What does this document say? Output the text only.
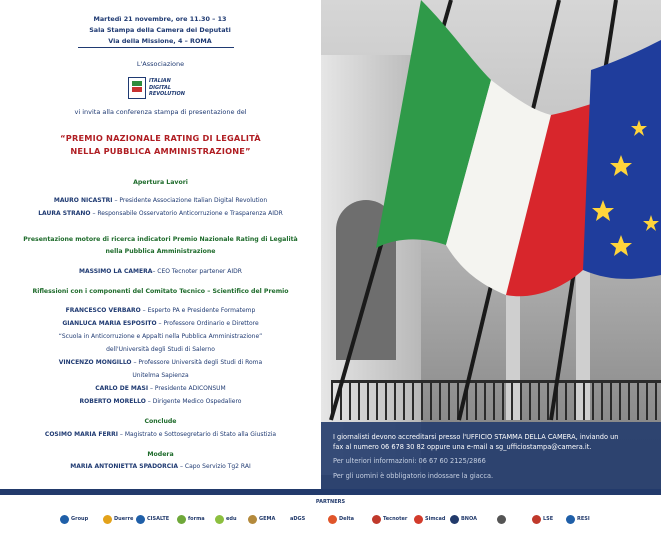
Martedì 21 novembre, ore 11.30 – 13
Sala Stampa della Camera dei Deputati
Via della Missione, 4 – ROMA
L'Associazione
ITALIAN
DIGITAL
REVOLUTION
vi invita alla conferenza stampa di presentazione del
“PREMIO NAZIONALE RATING DI LEGALITÀ
NELLA PUBBLICA AMMINISTRAZIONE”
Apertura Lavori
MAURO NICASTRI – Presidente Associazione Italian Digital Revolution
LAURA STRANO – Responsabile Osservatorio Anticorruzione e Trasparenza AIDR
Presentazione motore di ricerca indicatori Premio Nazionale Rating di Legalità
nella Pubblica Amministrazione
MASSIMO LA CAMERA– CEO Tecnoter partener AIDR
Riflessioni con i componenti del Comitato Tecnico – Scientifico del Premio
FRANCESCO VERBARO – Esperto PA e Presidente Formatemp
GIANLUCA MARIA ESPOSITO – Professore Ordinario e Direttore
“Scuola in Anticorruzione e Appalti nella Pubblica Amministrazione”
dell'Università degli Studi di Salerno
VINCENZO MONGILLO – Professore Università degli Studi di Roma
Unitelma Sapienza
CARLO DE MASI – Presidente ADICONSUM
ROBERTO MORELLO – Dirigente Medico Ospedaliero
Conclude
COSIMO MARIA FERRI – Magistrato e Sottosegretario di Stato alla Giustizia
Modera
MARIA ANTONIETTA SPADORCIA – Capo Servizio Tg2 RAI
I giornalisti devono accreditarsi presso l'UFFICIO STAMMA DELLA CAMERA, inviando un
fax al numero 06 678 30 82 oppure una e-mail a sg_ufficiostampa@camera.it.
Per ulteriori informazioni: 06 67 60 2125/2866
Per gli uomini è obbligatorio indossare la giacca.
PARTNERS
Group	Duerre	CISALTE	forma	edu	GEMA	aDGS	Delta	Tecnoter	Simcad	BNOA	LSE	RESI
